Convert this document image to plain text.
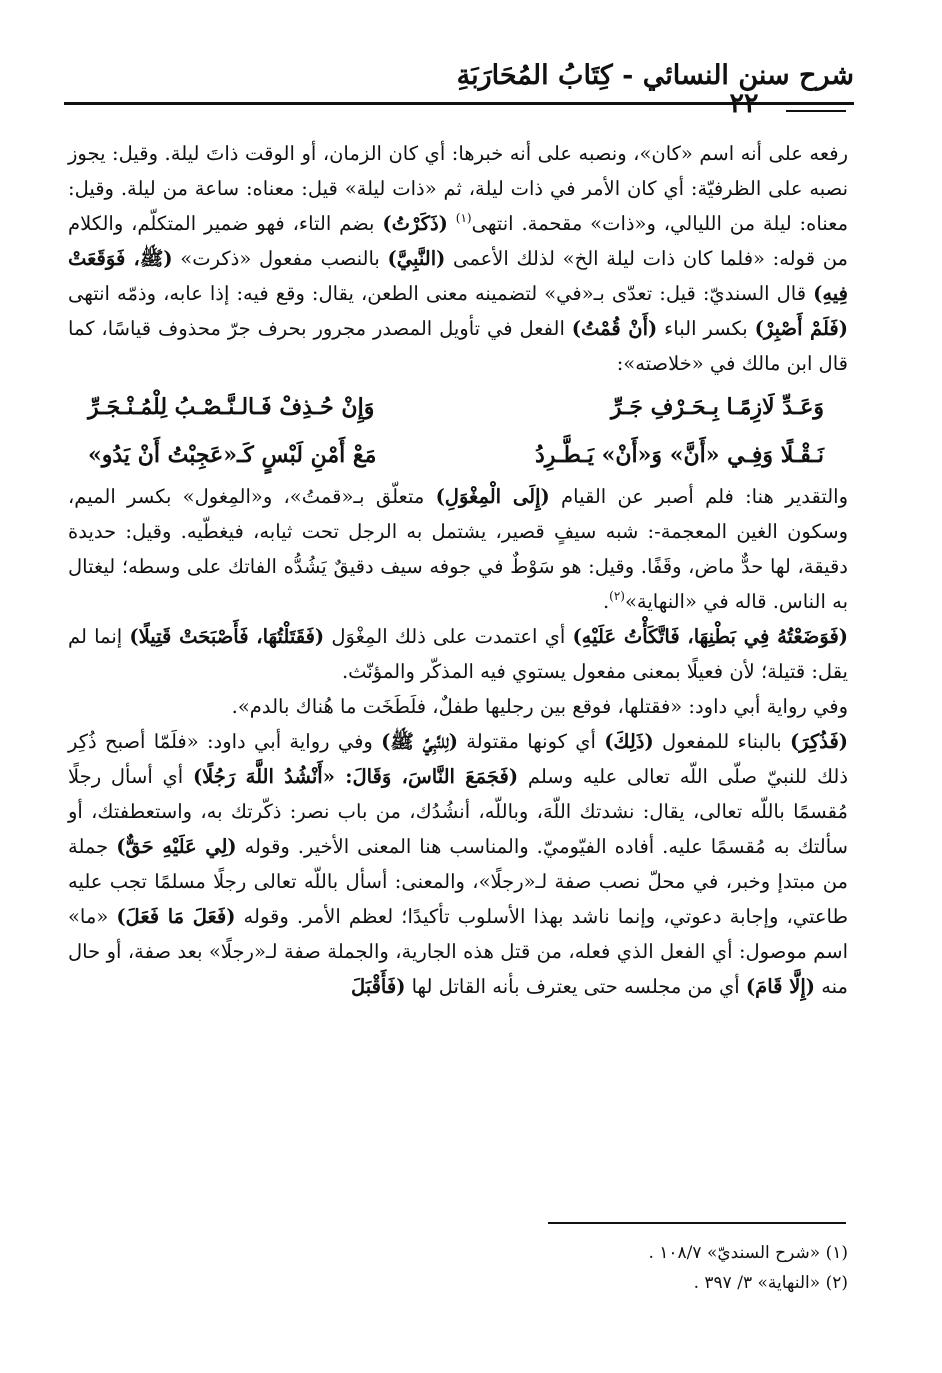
شرح سنن النسائي - كِتَابُ المُحَارَبَةِ
٢٢

رفعه على أنه اسم «كان»، ونصبه على أنه خبرها: أي كان الزمان، أو الوقت ذاتَ ليلة. وقيل: يجوز نصبه على الظرفيّة: أي كان الأمر في ذات ليلة، ثم «ذات ليلة» قيل: معناه: ساعة من ليلة. وقيل: معناه: ليلة من الليالي، و«ذات» مقحمة. انتهى$^{(١)}$ (ذَكَرْتُ) بضم التاء، فهو ضمير المتكلّم، والكلام من قوله: «فلما كان ذات ليلة الخ» لذلك الأعمى (النَّبِيَّ) بالنصب مفعول «ذكرت» (ﷺ، فَوَقَعَتْ فِيهِ) قال السنديّ: قيل: تعدّى بـ«في» لتضمينه معنى الطعن، يقال: وقع فيه: إذا عابه، وذمّه انتهى (فَلَمْ أَصْبِرْ) بكسر الباء (أَنْ قُمْتُ) الفعل في تأويل المصدر مجرور بحرف جرّ محذوف قياسًا، كما قال ابن مالك في «خلاصته»:

وَعَـدِّ لَازِمًـا بِـحَـرْفِ جَـرِّ
وَإِنْ حُـذِفْ فَـالـنَّـصْـبُ لِلْمُـنْـجَـرِّ
نَـقْـلًا وَفِـي «أَنَّ» وَ«أَنْ» يَـطَّـرِدُ
مَعْ أَمْنِ لَبْسٍ كَـ«عَجِبْتُ أَنْ يَدُو»

والتقدير هنا: فلم أصبر عن القيام (إِلَى الْمِغْوَلِ) متعلّق بـ«قمتُ»، و«المِغول» بكسر الميم، وسكون الغين المعجمة-: شبه سيفٍ قصير، يشتمل به الرجل تحت ثيابه، فيغطّيه. وقيل: حديدة دقيقة، لها حدٌّ ماض، وقَفًا. وقيل: هو سَوْطٌ في جوفه سيف دقيقٌ يَشُدُّه الفاتك على وسطه؛ ليغتال به الناس. قاله في «النهاية»$^{(٢)}$.

(فَوَضَعْتُهُ فِي بَطْنِهَا، فَاتَّكَأْتُ عَلَيْهِ) أي اعتمدت على ذلك المِغْوَل (فَقَتَلْتُهَا، فَأَصْبَحَتْ قَتِيلًا) إنما لم يقل: قتيلة؛ لأن فعيلًا بمعنى مفعول يستوي فيه المذكّر والمؤنّث.

وفي رواية أبي داود: «فقتلها، فوقع بين رجليها طفلٌ، فلَطَخَت ما هُناك بالدم».

(فَذُكِرَ) بالبناء للمفعول (ذَلِكَ) أي كونها مقتولة (لِلنَّبِيِّ ﷺ) وفي رواية أبي داود: «فلَمّا أصبح ذُكِر ذلك للنبيّ صلّى اللّه تعالى عليه وسلم (فَجَمَعَ النَّاسَ، وَقَالَ: «أَنْشُدُ اللَّهَ رَجُلًا) أي أسأل رجلًا مُقسمًا باللّه تعالى، يقال: نشدتك اللّهَ، وباللّه، أنشُدُك، من باب نصر: ذكّرتك به، واستعطفتك، أو سألتك به مُقسمًا عليه. أفاده الفيّوميّ. والمناسب هنا المعنى الأخير. وقوله (لِي عَلَيْهِ حَقٌّ) جملة من مبتدإ وخبر، في محلّ نصب صفة لـ«رجلًا»، والمعنى: أسأل باللّه تعالى رجلًا مسلمًا تجب عليه طاعتي، وإجابة دعوتي، وإنما ناشد بهذا الأسلوب تأكيدًا؛ لعظم الأمر. وقوله (فَعَلَ مَا فَعَلَ) «ما» اسم موصول: أي الفعل الذي فعله، من قتل هذه الجارية، والجملة صفة لـ«رجلًا» بعد صفة، أو حال منه (إِلَّا قَامَ) أي من مجلسه حتى يعترف بأنه القاتل لها (فَأَقْبَلَ

(١) «شرح السنديّ» ١٠٨/٧ .

(٢) «النهاية» ٣/ ٣٩٧ .
